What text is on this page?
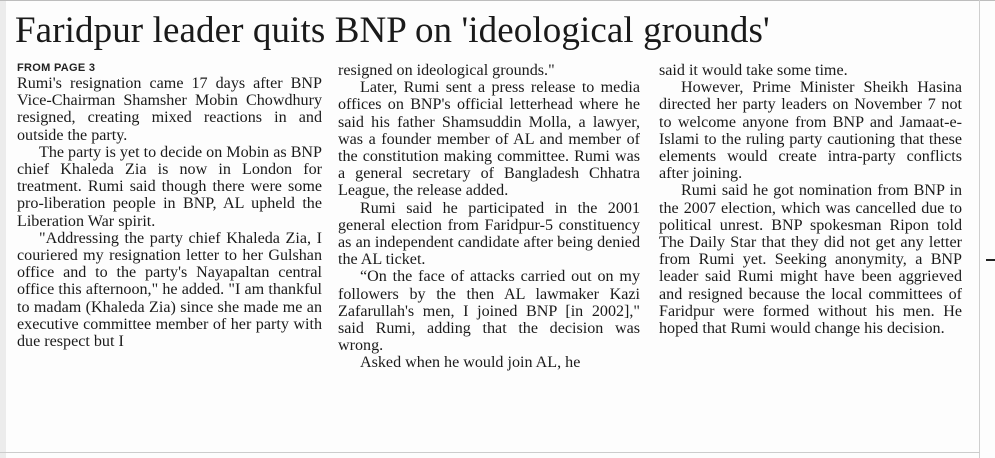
Faridpur leader quits BNP on 'ideological grounds'
FROM PAGE 3

Rumi's resignation came 17 days after BNP Vice-Chairman Shamsher Mobin Chowdhury resigned, creating mixed reactions in and outside the party.

The party is yet to decide on Mobin as BNP chief Khaleda Zia is now in London for treatment. Rumi said though there were some pro-liberation people in BNP, AL upheld the Liberation War spirit.

"Addressing the party chief Khaleda Zia, I couriered my resignation letter to her Gulshan office and to the party's Nayapaltan central office this afternoon," he added. "I am thankful to madam (Khaleda Zia) since she made me an executive committee member of her party with due respect but I

resigned on ideological grounds."

Later, Rumi sent a press release to media offices on BNP's official letterhead where he said his father Shamsuddin Molla, a lawyer, was a founder member of AL and member of the constitution making committee. Rumi was a general secretary of Bangladesh Chhatra League, the release added.

Rumi said he participated in the 2001 general election from Faridpur-5 constituency as an independent candidate after being denied the AL ticket.

“On the face of attacks carried out on my followers by the then AL lawmaker Kazi Zafarullah's men, I joined BNP [in 2002]," said Rumi, adding that the decision was wrong.

Asked when he would join AL, he

said it would take some time.

However, Prime Minister Sheikh Hasina directed her party leaders on November 7 not to welcome anyone from BNP and Jamaat-e-Islami to the ruling party cautioning that these elements would create intra-party conflicts after joining.

Rumi said he got nomination from BNP in the 2007 election, which was cancelled due to political unrest. BNP spokesman Ripon told The Daily Star that they did not get any letter from Rumi yet. Seeking anonymity, a BNP leader said Rumi might have been aggrieved and resigned because the local committees of Faridpur were formed without his men. He hoped that Rumi would change his decision.
